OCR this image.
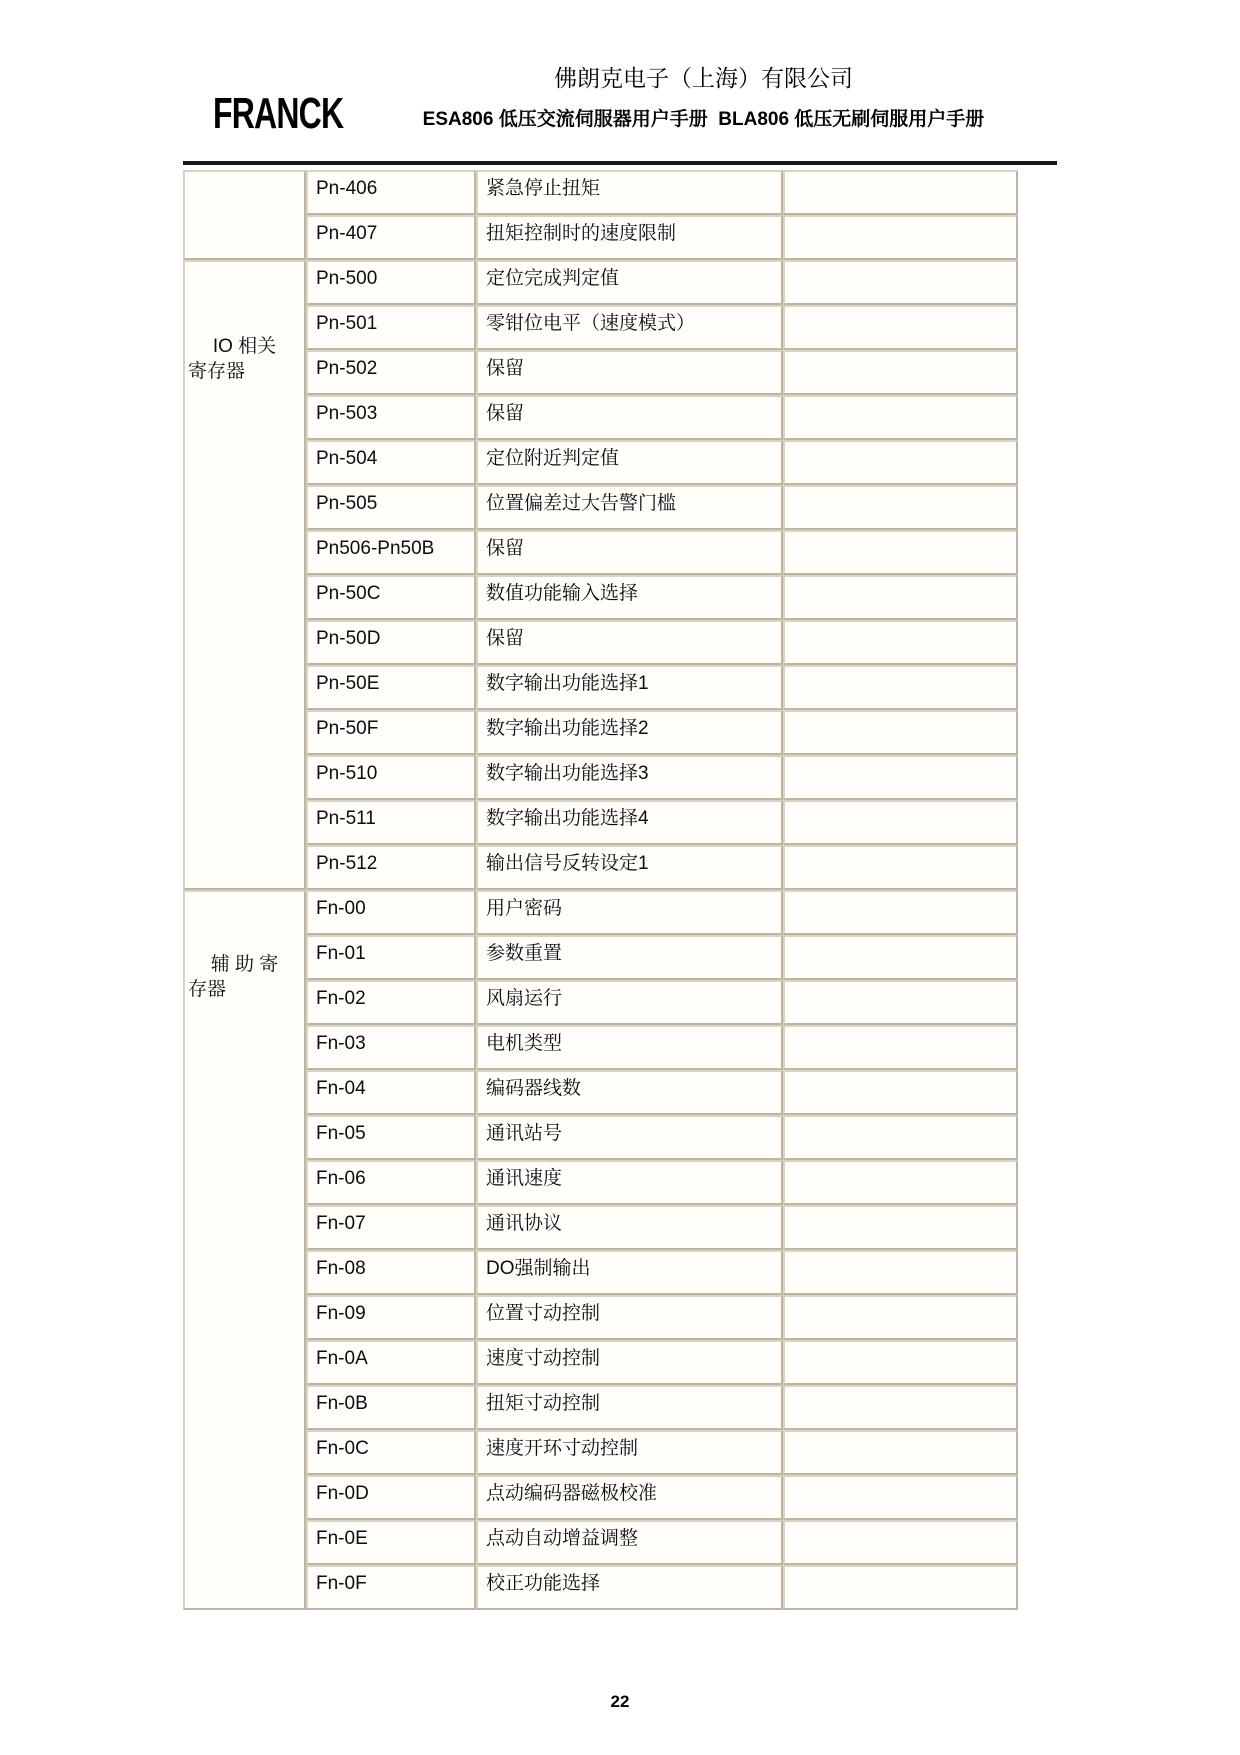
FRANCK
佛朗克电子（上海）有限公司
ESA806 低压交流伺服器用户手册  BLA806 低压无刷伺服用户手册
	Pn-406	紧急停止扭矩	
	Pn-407	扭矩控制时的速度限制	

IO 相关
寄存器	Pn-500	定位完成判定值	
	Pn-501	零钳位电平（速度模式）	
	Pn-502	保留	
	Pn-503	保留	
	Pn-504	定位附近判定值	
	Pn-505	位置偏差过大告警门槛	
	Pn506-Pn50B	保留	
	Pn-50C	数值功能输入选择	
	Pn-50D	保留	
	Pn-50E	数字输出功能选择1	
	Pn-50F	数字输出功能选择2	
	Pn-510	数字输出功能选择3	
	Pn-511	数字输出功能选择4	
	Pn-512	输出信号反转设定1	

辅 助 寄
存器	Fn-00	用户密码	
	Fn-01	参数重置	
	Fn-02	风扇运行	
	Fn-03	电机类型	
	Fn-04	编码器线数	
	Fn-05	通讯站号	
	Fn-06	通讯速度	
	Fn-07	通讯协议	
	Fn-08	DO强制输出	
	Fn-09	位置寸动控制	
	Fn-0A	速度寸动控制	
	Fn-0B	扭矩寸动控制	
	Fn-0C	速度开环寸动控制	
	Fn-0D	点动编码器磁极校准	
	Fn-0E	点动自动增益调整	
	Fn-0F	校正功能选择	
22
